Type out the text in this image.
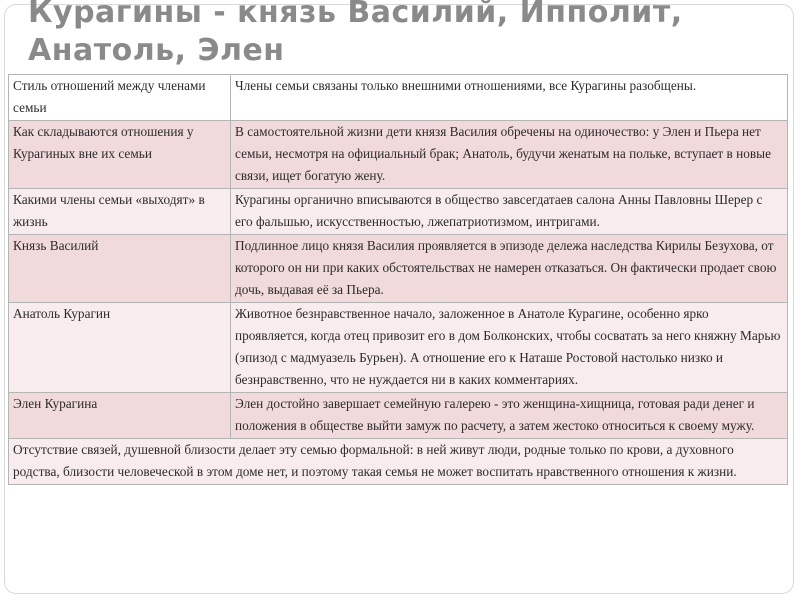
Курагины - князь Василий, Ипполит, Анатоль, Элен
Стиль отношений между членами семьи	Члены семьи связаны только внешними отношениями, все Курагины разобщены.
Как складываются отношения у Курагиных вне их семьи	В самостоятельной жизни дети князя Василия обречены на одиночество: у Элен и Пьера нет семьи, несмотря на официальный брак; Анатоль, будучи женатым на польке, вступает в новые связи, ищет богатую жену.
Какими члены семьи «выходят» в жизнь	Курагины органично вписываются в общество завсегдатаев салона Анны Павловны Шерер с его фальшью, искусственностью, лжепатриотизмом, интригами.
Князь Василий	Подлинное лицо князя Василия проявляется в эпизоде дележа наследства Кирилы Безухова, от которого он ни при каких обстоятельствах не намерен отказаться. Он фактически продает свою дочь, выдавая её за Пьера.
Анатоль Курагин	Животное безнравственное начало, заложенное в Анатоле Курагине, особенно ярко проявляется, когда отец привозит его в дом Болконских, чтобы сосватать за него княжну Марью (эпизод с мадмуазель Бурьен). А отношение его к Наташе Ростовой настолько низко и безнравственно, что не нуждается ни в каких комментариях.
Элен Курагина	Элен достойно завершает семейную галерею - это женщина-хищница, готовая ради денег и положения в обществе выйти замуж по расчету, а затем жестоко относиться к своему мужу.
Отсутствие связей, душевной близости делает эту семью формальной: в ней живут люди, родные только по крови, а духовного родства, близости человеческой в этом доме нет, и поэтому такая семья не может воспитать нравственного отношения к жизни.	
